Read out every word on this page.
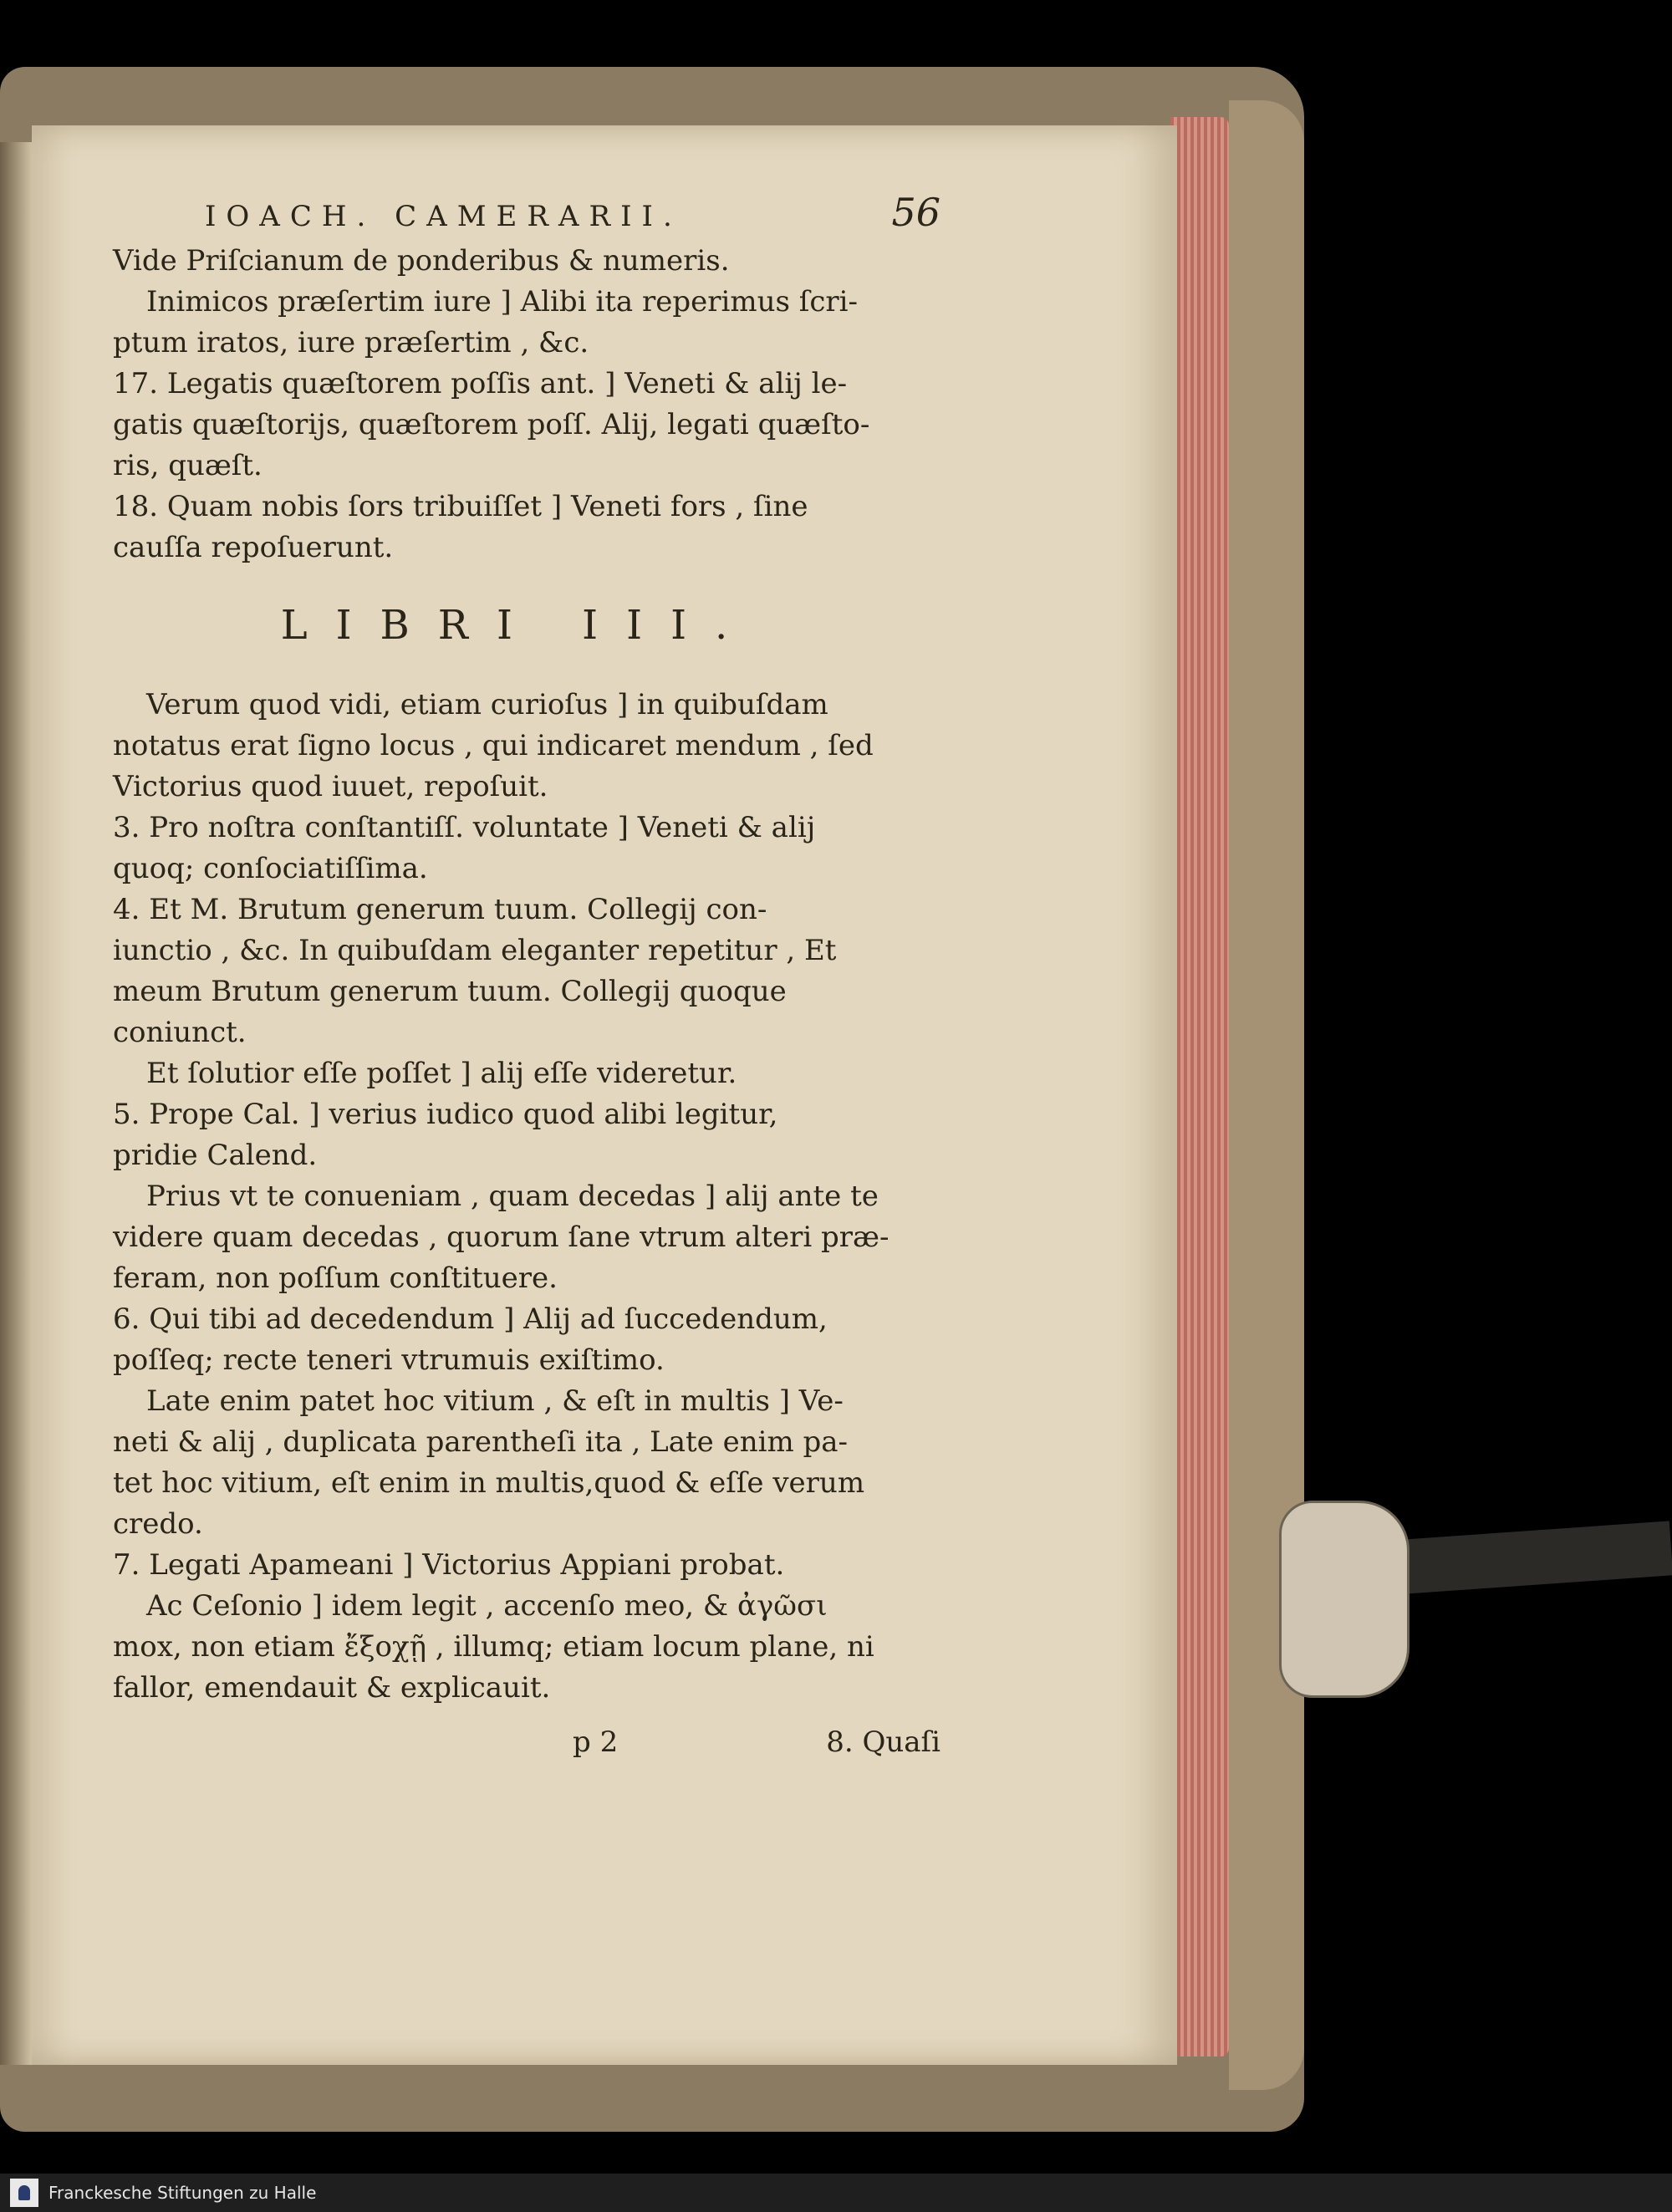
IOACH. CAMERARII.	56
Vide Priſcianum de ponderibus & numeris.
Inimicos præſertim iure ] Alibi ita reperimus ſcri-
ptum iratos, iure præſertim , &c.
17. Legatis quæſtorem poſſis ant. ] Veneti & alij le-
gatis quæſtorijs, quæſtorem poſſ. Alij, legati quæſto-
ris, quæſt.
18. Quam nobis ſors tribuiſſet ] Veneti fors , ſine
cauſſa repoſuerunt.
LIBRI III.
Verum quod vidi, etiam curioſus ] in quibuſdam
notatus erat ſigno locus , qui indicaret mendum , ſed
Victorius quod iuuet, repoſuit.
3. Pro noſtra conſtantiſſ. voluntate ] Veneti & alij
quoq; conſociatiſſima.
4. Et M. Brutum generum tuum. Collegij con-
iunctio , &c. In quibuſdam eleganter repetitur , Et
meum Brutum generum tuum. Collegij quoque
coniunct.
Et ſolutior eſſe poſſet ] alij eſſe videretur.
5. Prope Cal. ] verius iudico quod alibi legitur,
pridie Calend.
Prius vt te conueniam , quam decedas ] alij ante te
videre quam decedas , quorum ſane vtrum alteri præ-
feram, non poſſum conſtituere.
6. Qui tibi ad decedendum ] Alij ad ſuccedendum,
poſſeq; recte teneri vtrumuis exiſtimo.
Late enim patet hoc vitium , & eſt in multis ] Ve-
neti & alij , duplicata parentheſi ita , Late enim pa-
tet hoc vitium, eſt enim in multis,quod & eſſe verum
credo.
7. Legati Apameani ] Victorius Appiani probat.
Ac Ceſonio ] idem legit , accenſo meo, & ἀγῶσι
mox, non etiam ἔξοχῇ , illumq; etiam locum plane, ni
fallor, emendauit & explicauit.
p 2	8. Quaſi
Franckesche Stiftungen zu Halle
